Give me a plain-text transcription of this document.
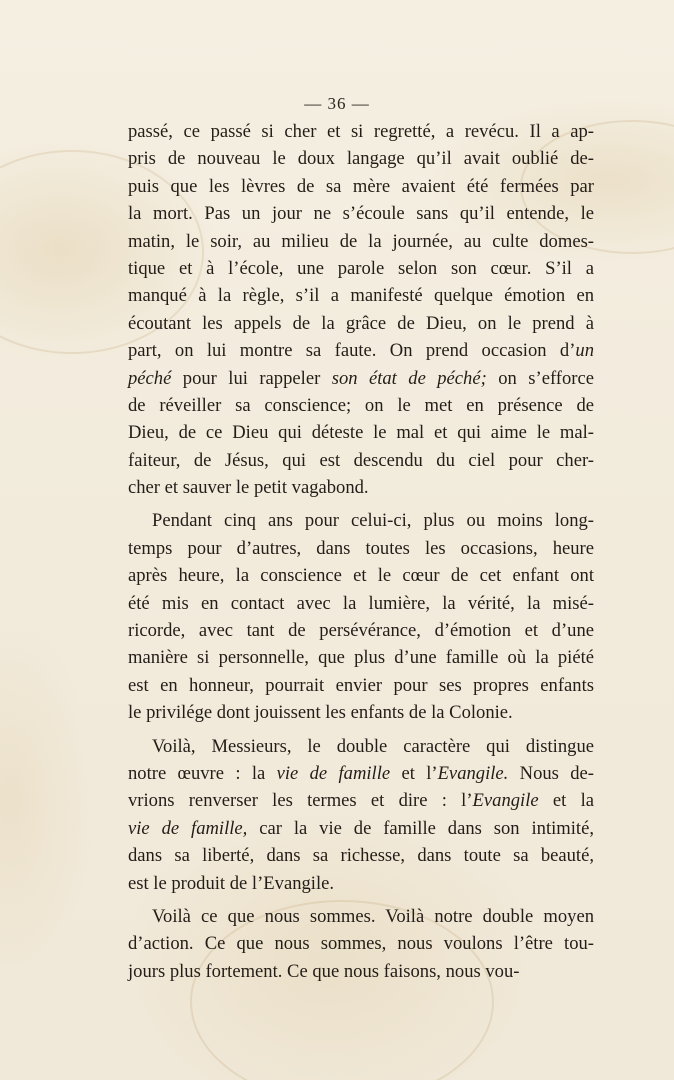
— 36 —
passé, ce passé si cher et si regretté, a revécu. Il a ap-
pris de nouveau le doux langage qu’il avait oublié de-
puis que les lèvres de sa mère avaient été fermées par
la mort. Pas un jour ne s’écoule sans qu’il entende, le
matin, le soir, au milieu de la journée, au culte domes-
tique et à l’école, une parole selon son cœur. S’il a
manqué à la règle, s’il a manifesté quelque émotion en
écoutant les appels de la grâce de Dieu, on le prend à
part, on lui montre sa faute. On prend occasion d’un
péché pour lui rappeler son état de péché; on s’efforce
de réveiller sa conscience; on le met en présence de
Dieu, de ce Dieu qui déteste le mal et qui aime le mal-
faiteur, de Jésus, qui est descendu du ciel pour cher-
cher et sauver le petit vagabond.
Pendant cinq ans pour celui-ci, plus ou moins long-
temps pour d’autres, dans toutes les occasions, heure
après heure, la conscience et le cœur de cet enfant ont
été mis en contact avec la lumière, la vérité, la misé-
ricorde, avec tant de persévérance, d’émotion et d’une
manière si personnelle, que plus d’une famille où la piété
est en honneur, pourrait envier pour ses propres enfants
le privilége dont jouissent les enfants de la Colonie.
Voilà, Messieurs, le double caractère qui distingue
notre œuvre : la vie de famille et l’Evangile. Nous de-
vrions renverser les termes et dire : l’Evangile et la
vie de famille, car la vie de famille dans son intimité,
dans sa liberté, dans sa richesse, dans toute sa beauté,
est le produit de l’Evangile.
Voilà ce que nous sommes. Voilà notre double moyen
d’action. Ce que nous sommes, nous voulons l’être tou-
jours plus fortement. Ce que nous faisons, nous vou-
